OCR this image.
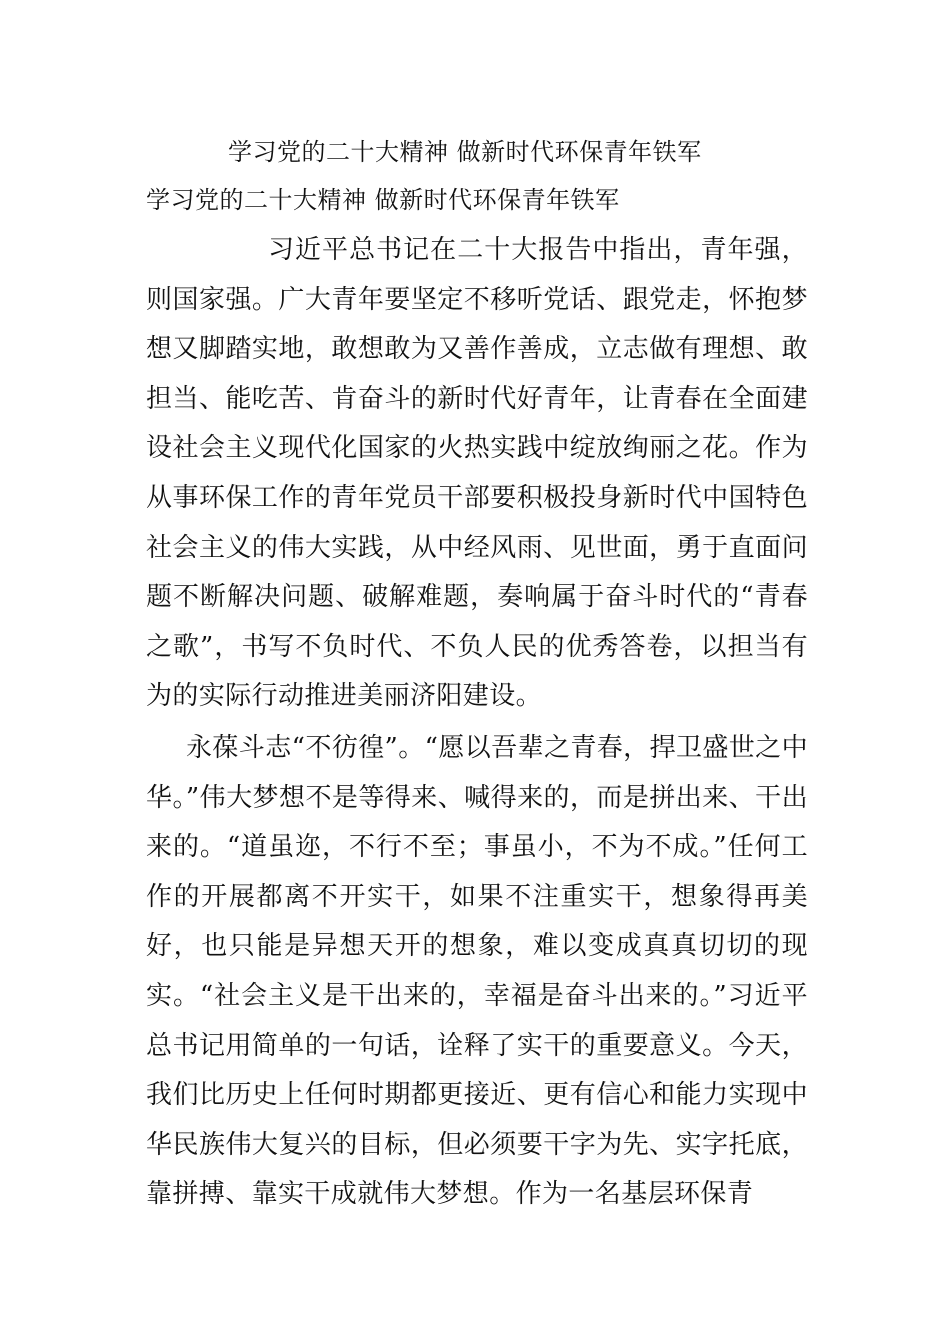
学习党的二十大精神 做新时代环保青年铁军
学习党的二十大精神 做新时代环保青年铁军
习近平总书记在二十大报告中指出，青年强，则国家强。广大青年要坚定不移听党话、跟党走，怀抱梦想又脚踏实地，敢想敢为又善作善成，立志做有理想、敢担当、能吃苦、肯奋斗的新时代好青年，让青春在全面建设社会主义现代化国家的火热实践中绽放绚丽之花。作为从事环保工作的青年党员干部要积极投身新时代中国特色社会主义的伟大实践，从中经风雨、见世面，勇于直面问题不断解决问题、破解难题，奏响属于奋斗时代的“青春之歌”，书写不负时代、不负人民的优秀答卷，以担当有为的实际行动推进美丽济阳建设。
永葆斗志“不彷徨”。“愿以吾辈之青春，捍卫盛世之中华。”伟大梦想不是等得来、喊得来的，而是拼出来、干出来的。“道虽迩，不行不至；事虽小，不为不成。”任何工作的开展都离不开实干，如果不注重实干，想象得再美好，也只能是异想天开的想象，难以变成真真切切的现实。“社会主义是干出来的，幸福是奋斗出来的。”习近平总书记用简单的一句话，诠释了实干的重要意义。今天，我们比历史上任何时期都更接近、更有信心和能力实现中华民族伟大复兴的目标，但必须要干字为先、实字托底，靠拼搏、靠实干成就伟大梦想。作为一名基层环保青
